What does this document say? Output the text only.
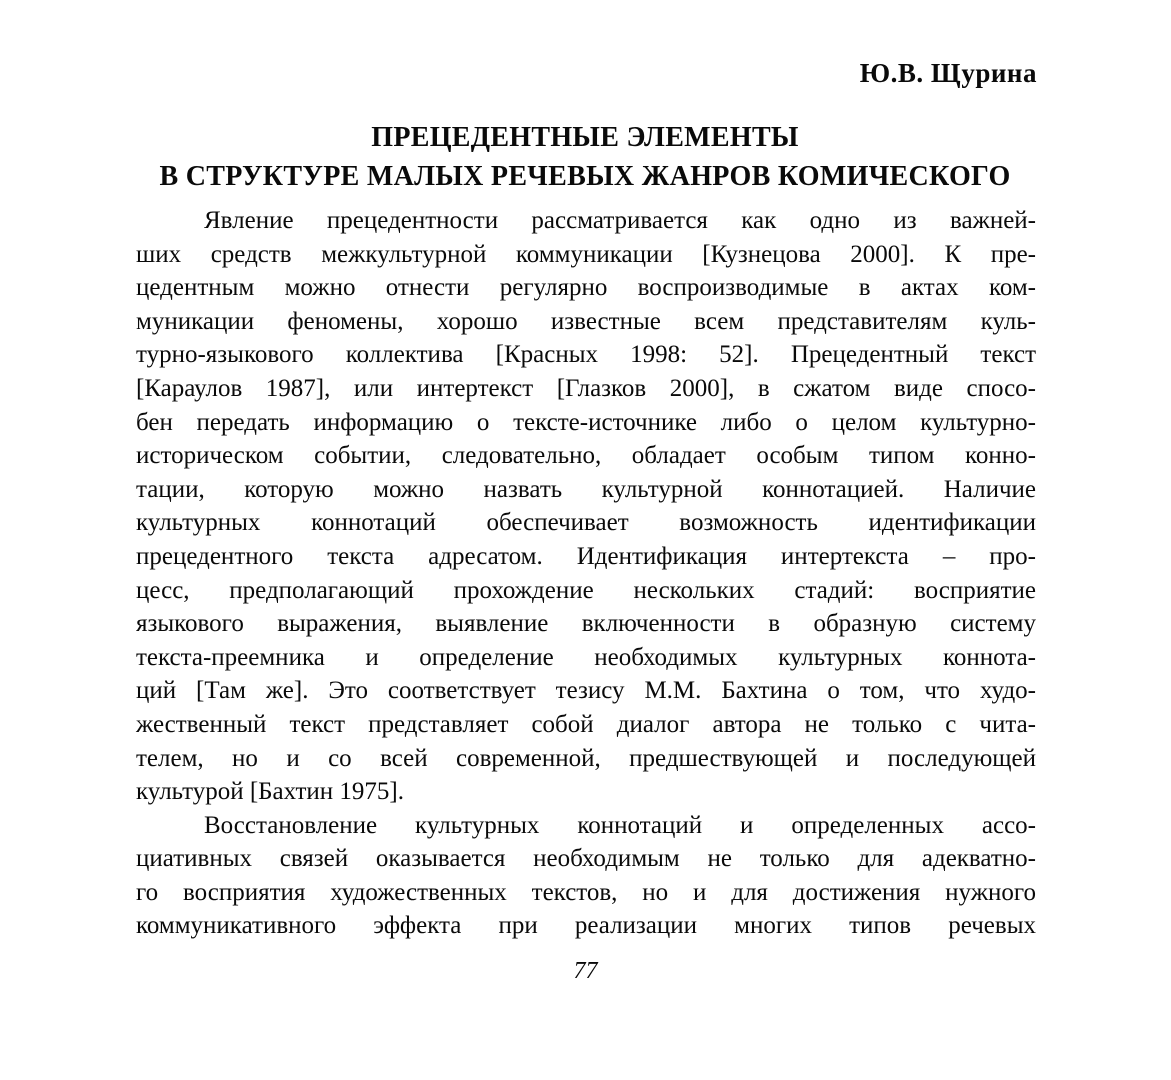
Ю.В. Щурина
ПРЕЦЕДЕНТНЫЕ ЭЛЕМЕНТЫ
В СТРУКТУРЕ МАЛЫХ РЕЧЕВЫХ ЖАНРОВ КОМИЧЕСКОГО
Явление прецедентности рассматривается как одно из важней-
ших средств межкультурной коммуникации [Кузнецова 2000]. К пре-
цедентным можно отнести регулярно воспроизводимые в актах ком-
муникации феномены, хорошо известные всем представителям куль-
турно-языкового коллектива [Красных 1998: 52]. Прецедентный текст
[Караулов 1987], или интертекст [Глазков 2000], в сжатом виде спосо-
бен передать информацию о тексте-источнике либо о целом культурно-
историческом событии, следовательно, обладает особым типом конно-
тации, которую можно назвать культурной коннотацией. Наличие
культурных коннотаций обеспечивает возможность идентификации
прецедентного текста адресатом. Идентификация интертекста – про-
цесс, предполагающий прохождение нескольких стадий: восприятие
языкового выражения, выявление включенности в образную систему
текста-преемника и определение необходимых культурных коннота-
ций [Там же]. Это соответствует тезису М.М. Бахтина о том, что худо-
жественный текст представляет собой диалог автора не только с чита-
телем, но и со всей современной, предшествующей и последующей
культурой [Бахтин 1975].
Восстановление культурных коннотаций и определенных ассо-
циативных связей оказывается необходимым не только для адекватно-
го восприятия художественных текстов, но и для достижения нужного
коммуникативного эффекта при реализации многих типов речевых
77
